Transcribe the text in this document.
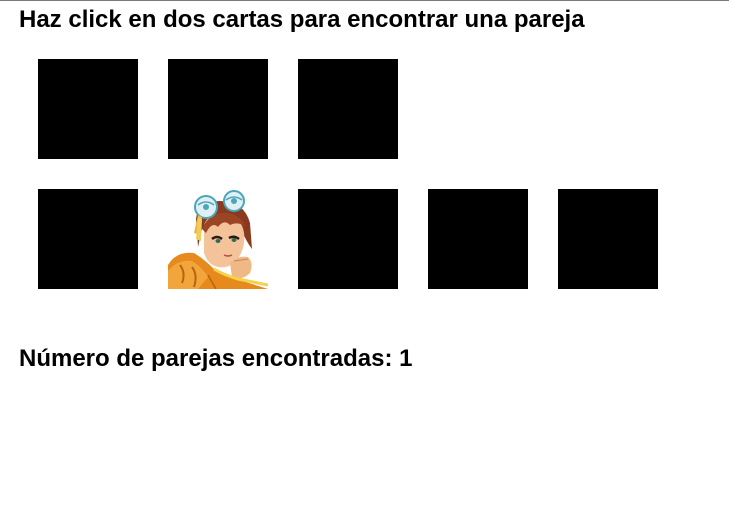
Haz click en dos cartas para encontrar una pareja
Número de parejas encontradas: 1
